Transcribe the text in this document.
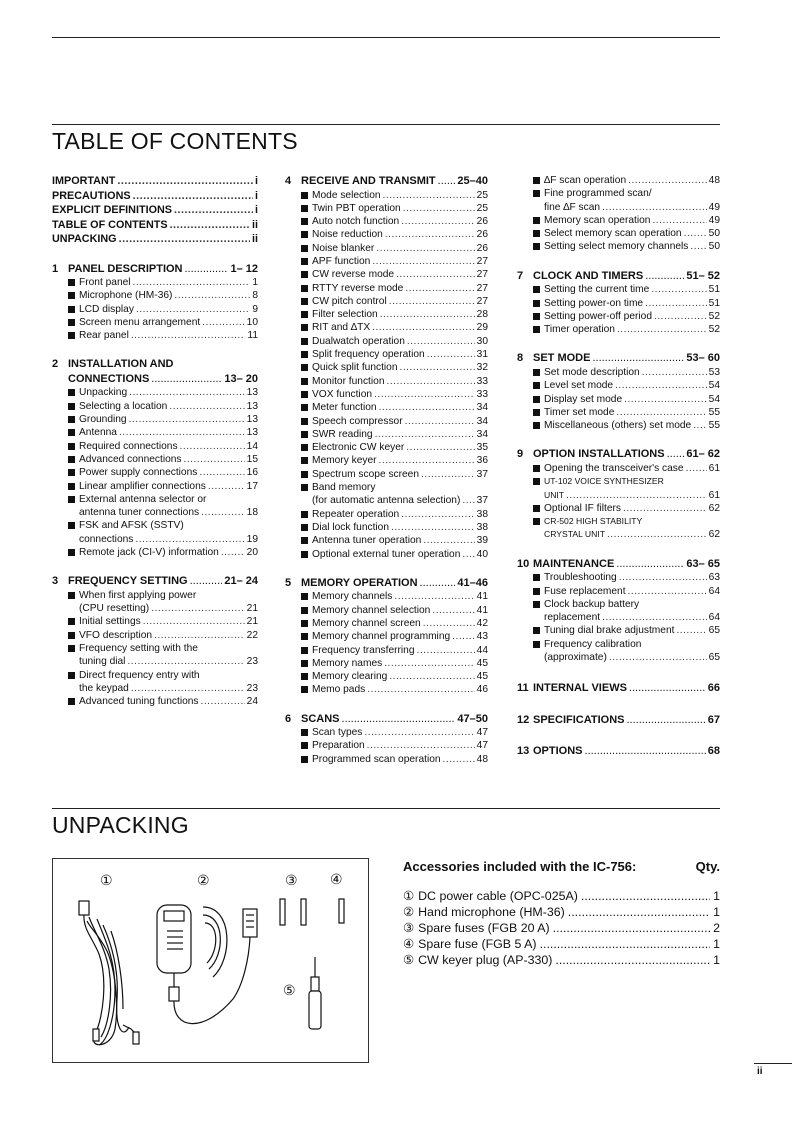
TABLE OF CONTENTS
IMPORTANT .....	i
PRECAUTIONS .....	i
EXPLICIT DEFINITIONS .....	i
TABLE OF CONTENTS .....	ii
UNPACKING .....	ii
1 PANEL DESCRIPTION .....	1– 12
Front panel .....	1
Microphone (HM-36) .....	8
LCD display .....	9
Screen menu arrangement .....	10
Rear panel .....	11
2 INSTALLATION AND
CONNECTIONS .....	13– 20
Unpacking .....	13
Selecting a location .....	13
Grounding .....	13
Antenna .....	13
Required connections .....	14
Advanced connections .....	15
Power supply connections .....	16
Linear amplifier connections .....	17
External antenna selector or
antenna tuner connections .....	18
FSK and AFSK (SSTV)
connections .....	19
Remote jack (CI-V) information .....	20
3 FREQUENCY SETTING .....	21– 24
When first applying power
(CPU resetting) .....	21
Initial settings .....	21
VFO description .....	22
Frequency setting with the
tuning dial .....	23
Direct frequency entry with
the keypad .....	23
Advanced tuning functions .....	24
4 RECEIVE AND TRANSMIT ..... 25–40
Mode selection .....	25
Twin PBT operation .....	25
Auto notch function .....	26
Noise reduction .....	26
Noise blanker .....	26
APF function .....	27
CW reverse mode .....	27
RTTY reverse mode .....	27
CW pitch control .....	27
Filter selection .....	28
RIT and ∆TX .....	29
Dualwatch operation .....	30
Split frequency operation .....	31
Quick split function .....	32
Monitor function .....	33
VOX function .....	33
Meter function .....	34
Speech compressor .....	34
SWR reading .....	34
Electronic CW keyer .....	35
Memory keyer .....	36
Spectrum scope screen .....	37
Band memory
(for automatic antenna selection) ..... 37
Repeater operation .....	38
Dial lock function .....	38
Antenna tuner operation .....	39
Optional external tuner operation ..... 40
5 MEMORY OPERATION .....	41–46
Memory channels .....	41
Memory channel selection .....	41
Memory channel screen .....	42
Memory channel programming .....	43
Frequency transferring .....	44
Memory names .....	45
Memory clearing .....	45
Memo pads .....	46
6 SCANS .....	47–50
Scan types .....	47
Preparation .....	47
Programmed scan operation .....	48
∆F scan operation .....	48
Fine programmed scan/
fine ∆F scan .....	49
Memory scan operation .....	49
Select memory scan operation .....	50
Setting select memory channels ..... 50
7 CLOCK AND TIMERS .....	51– 52
Setting the current time .....	51
Setting power-on time .....	51
Setting power-off period .....	52
Timer operation .....	52
8 SET MODE .....	53– 60
Set mode description .....	53
Level set mode .....	54
Display set mode .....	54
Timer set mode .....	55
Miscellaneous (others) set mode ..... 55
9 OPTION INSTALLATIONS ..... 61– 62
Opening the transceiver's case ..... 61
UT-102 VOICE SYNTHESIZER
UNIT .....	61
Optional IF filters .....	62
CR-502 HIGH STABILITY
CRYSTAL UNIT .....	62
10 MAINTENANCE .....	63– 65
Troubleshooting .....	63
Fuse replacement .....	64
Clock backup battery
replacement .....	64
Tuning dial brake adjustment .....	65
Frequency calibration
(approximate) .....	65
11 INTERNAL VIEWS .....	66
12 SPECIFICATIONS .....	67
13 OPTIONS .....	68
UNPACKING
①	②	③ ④
⑤
Accessories included with the IC-756:	Qty.
① DC power cable (OPC-025A) .....	1
② Hand microphone (HM-36) .....	1
③ Spare fuses (FGB 20 A) .....	2
④ Spare fuse (FGB 5 A) .....	1
⑤ CW keyer plug (AP-330) .....	1
ii
